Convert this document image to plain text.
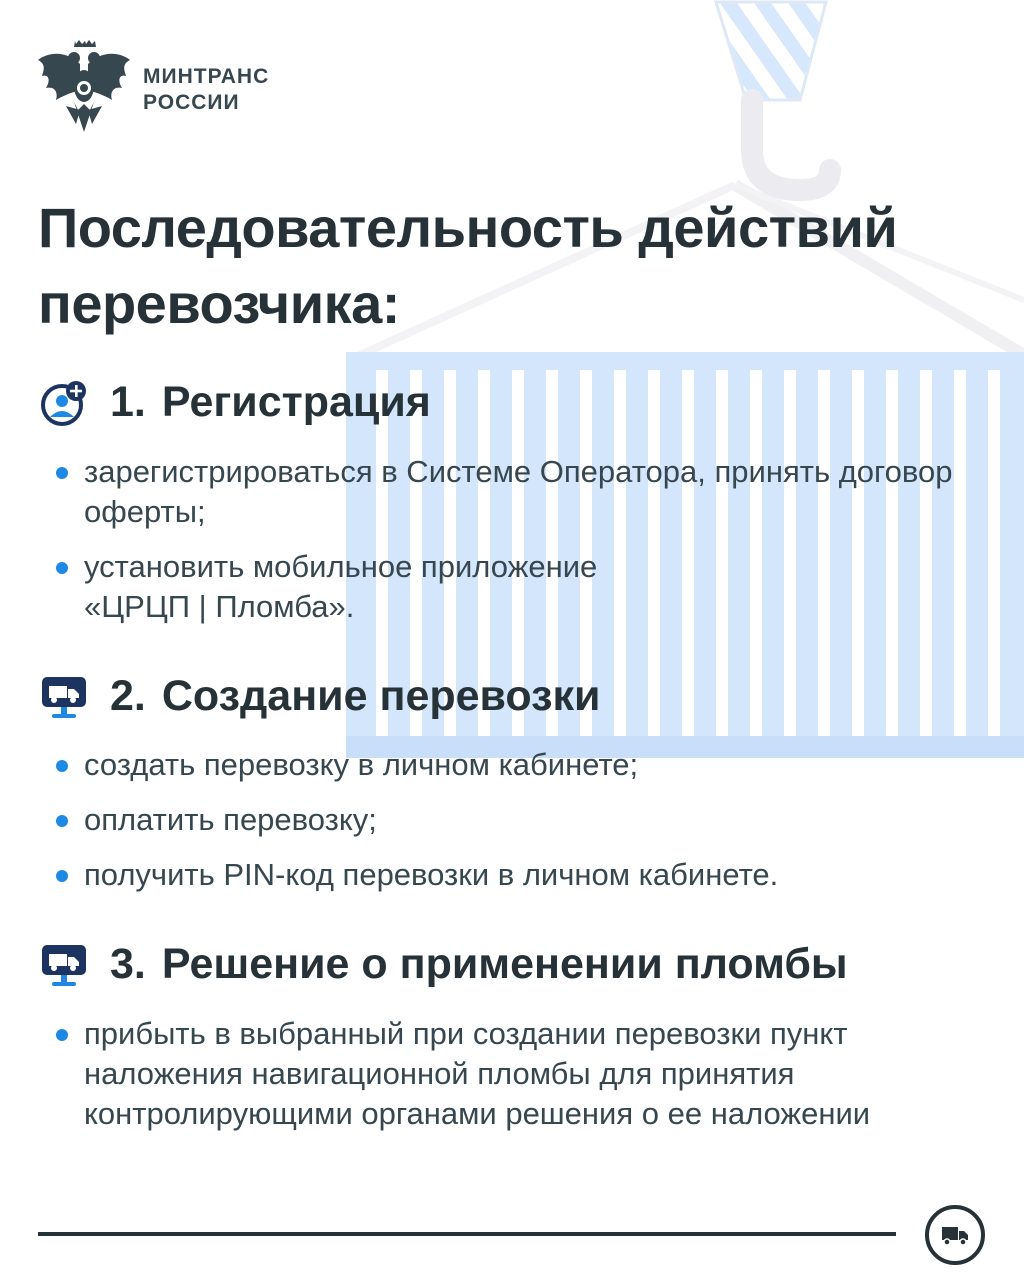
МИНТРАНС
РОССИИ
Последовательность действий
перевозчика:
1. Регистрация
зарегистрироваться в Системе Оператора, принять договор оферты;
установить мобильное приложение «ЦРЦП | Пломба».
2. Создание перевозки
создать перевозку в личном кабинете;
оплатить перевозку;
получить PIN-код перевозки в личном кабинете.
3. Решение о применении пломбы
прибыть в выбранный при создании перевозки пункт наложения навигационной пломбы для принятия контролирующими органами решения о ее наложении
